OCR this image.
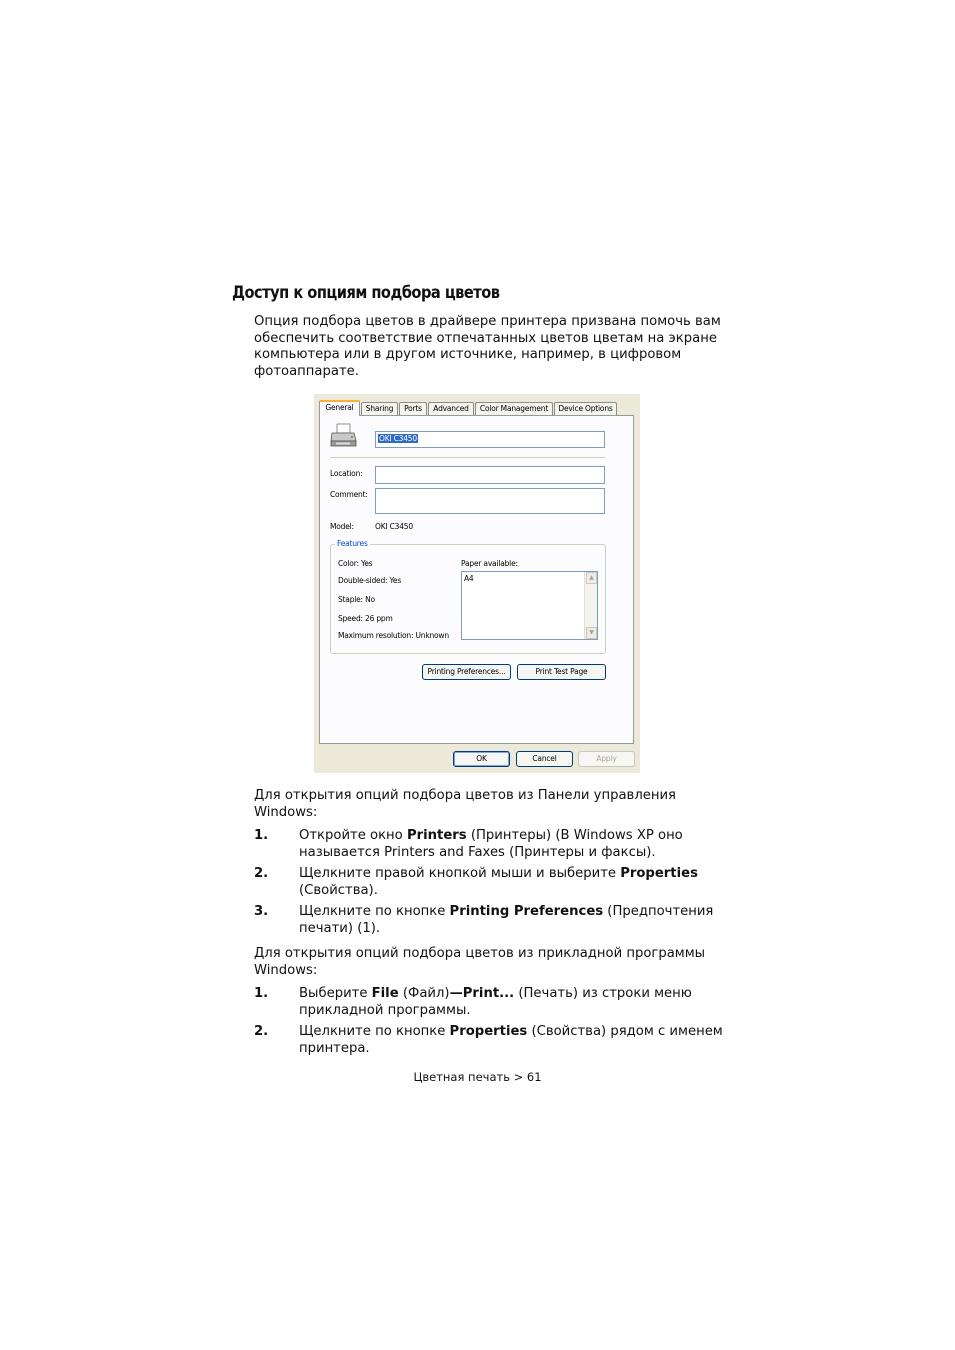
Доступ к опциям подбора цветов
Опция подбора цветов в драйвере принтера призвана помочь вам обеспечить соответствие отпечатанных цветов цветам на экране компьютера или в другом источнике, например, в цифровом фотоаппарате.
General	Sharing	Ports	Advanced	Color Management	Device Options
OKI C3450
Location:
Comment:
Model:	OKI C3450
Features
Color: Yes
Double-sided: Yes
Staple: No
Speed: 26 ppm
Maximum resolution: Unknown
Paper available:
A4	▲
▼
Printing Preferences...	Print Test Page
OK	Cancel	Apply
Для открытия опций подбора цветов из Панели управления Windows:
1.	Откройте окно Printers (Принтеры) (В Windows XP оно называется Printers and Faxes (Принтеры и факсы).
2.	Щелкните правой кнопкой мыши и выберите Properties (Свойства).
3.	Щелкните по кнопке Printing Preferences (Предпочтения печати) (1).
Для открытия опций подбора цветов из прикладной программы Windows:
1.	Выберите File (Файл)—Print... (Печать) из строки меню прикладной программы.
2.	Щелкните по кнопке Properties (Свойства) рядом с именем принтера.
Цветная печать > 61
